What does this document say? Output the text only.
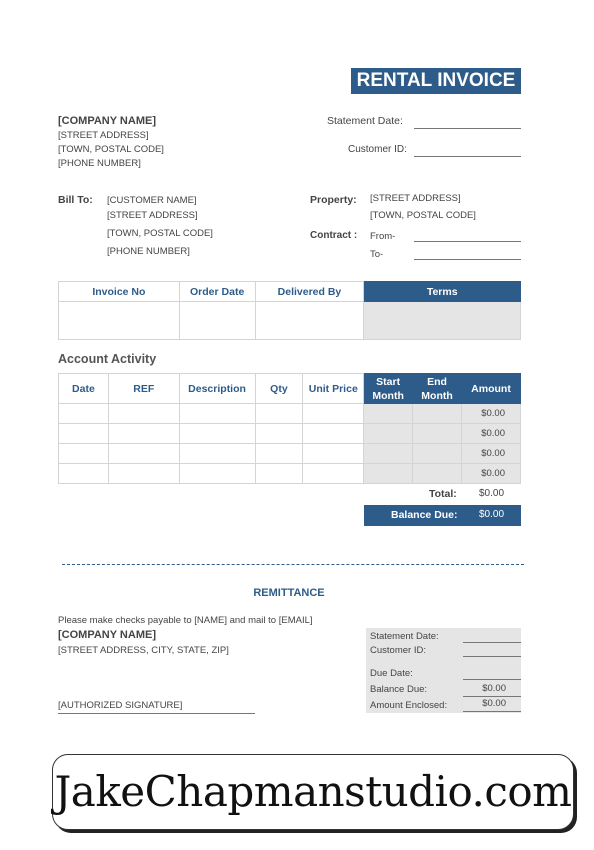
RENTAL INVOICE
[COMPANY NAME]
[STREET ADDRESS]
[TOWN, POSTAL CODE]
[PHONE NUMBER]
Statement Date:
Customer ID:
Bill To: [CUSTOMER NAME]
[STREET ADDRESS]
[TOWN, POSTAL CODE]
[PHONE NUMBER]
Property: [STREET ADDRESS]
[TOWN, POSTAL CODE]
Contract : From-
To-
Invoice No	Order Date	Delivered By	Terms

Account Activity
Date	REF	Description	Qty	Unit Price	Start Month	End Month	Amount
							$0.00
							$0.00
							$0.00
							$0.00
Total: $0.00
Balance Due: $0.00
REMITTANCE
Please make checks payable to [NAME] and mail to [EMAIL]
[COMPANY NAME]
[STREET ADDRESS, CITY, STATE, ZIP]
[AUTHORIZED SIGNATURE]
Statement Date:
Customer ID:
Due Date:
Balance Due:	$0.00
Amount Enclosed:	$0.00
JakeChapmanstudio.com
